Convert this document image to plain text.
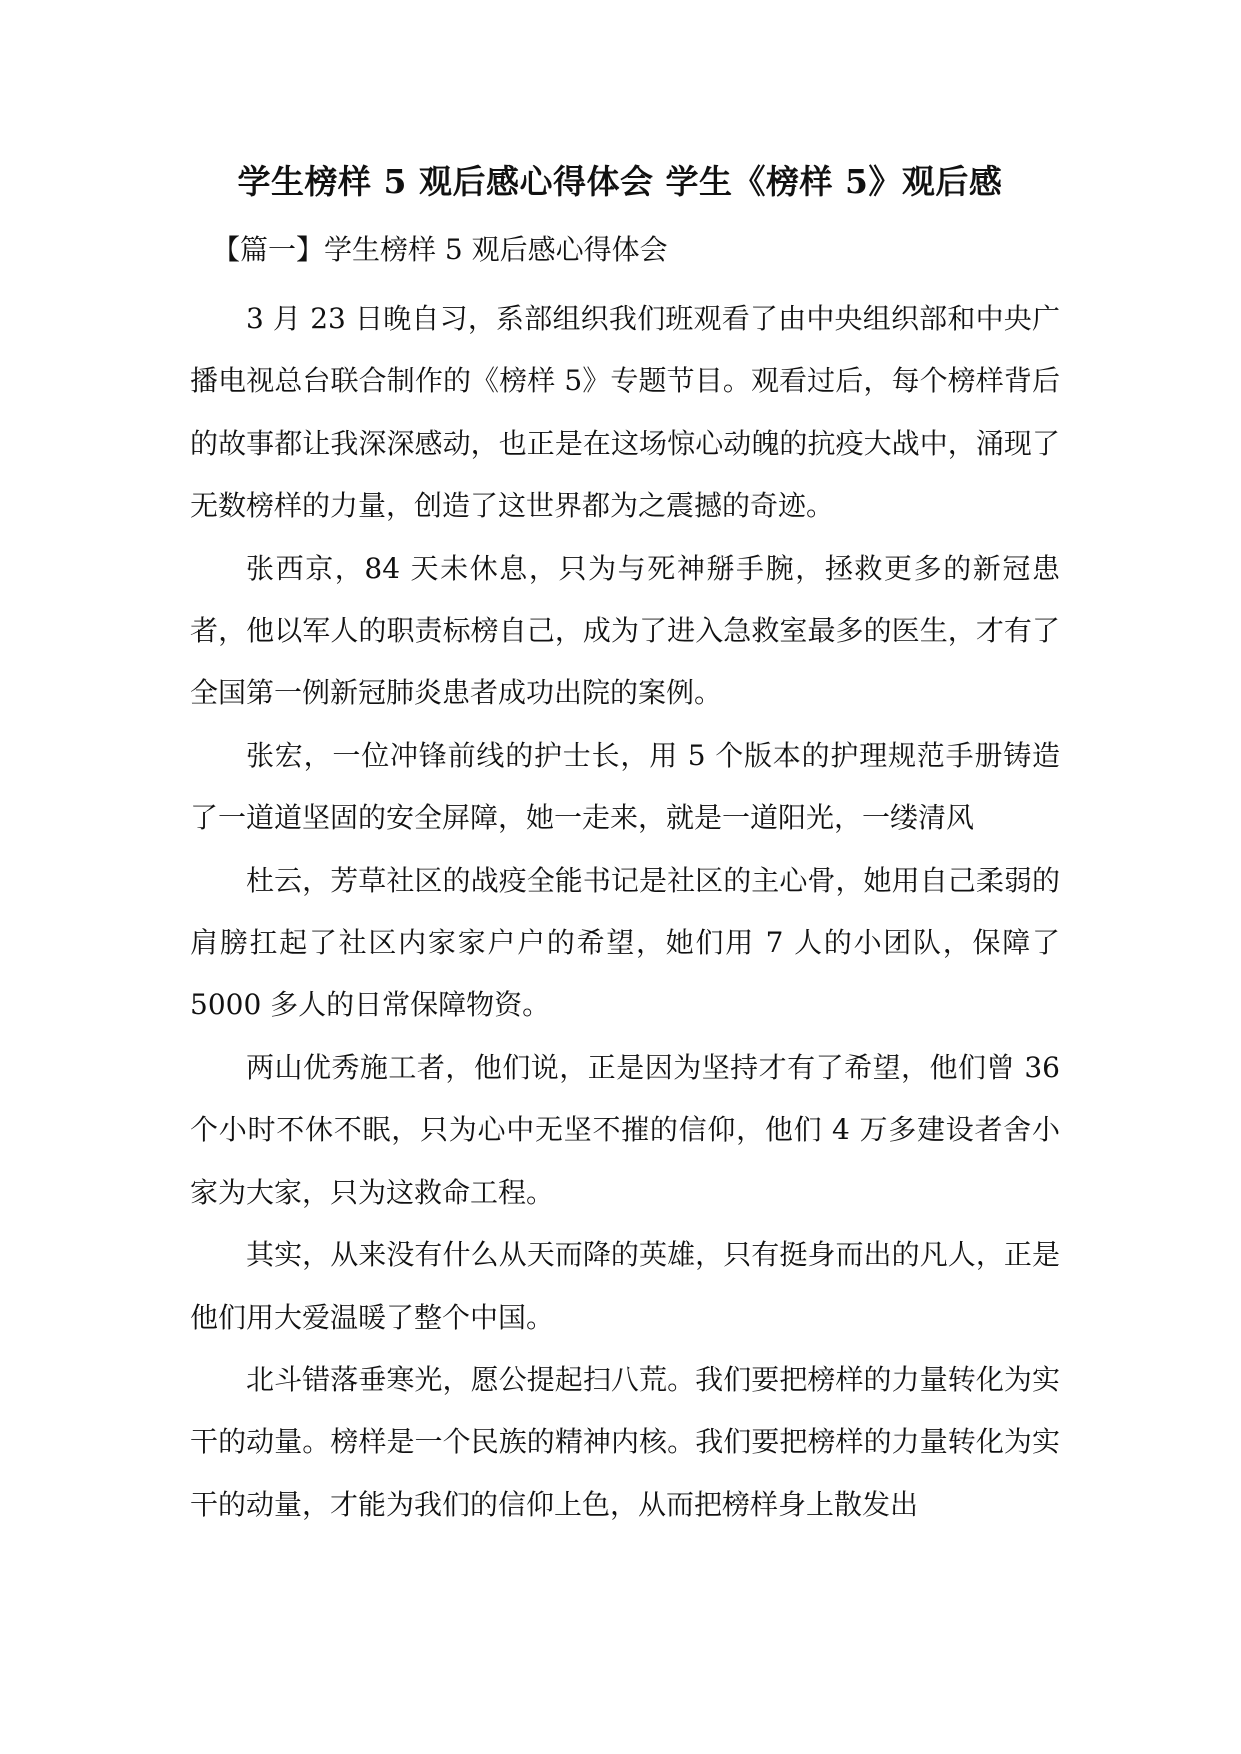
学生榜样 5 观后感心得体会 学生《榜样 5》观后感
【篇一】学生榜样 5 观后感心得体会

3 月 23 日晚自习，系部组织我们班观看了由中央组织部和中央广播电视总台联合制作的《榜样 5》专题节目。观看过后，每个榜样背后的故事都让我深深感动，也正是在这场惊心动魄的抗疫大战中，涌现了无数榜样的力量，创造了这世界都为之震撼的奇迹。

张西京，84 天未休息，只为与死神掰手腕，拯救更多的新冠患者，他以军人的职责标榜自己，成为了进入急救室最多的医生，才有了全国第一例新冠肺炎患者成功出院的案例。

张宏，一位冲锋前线的护士长，用 5 个版本的护理规范手册铸造了一道道坚固的安全屏障，她一走来，就是一道阳光，一缕清风

杜云，芳草社区的战疫全能书记是社区的主心骨，她用自己柔弱的肩膀扛起了社区内家家户户的希望，她们用 7 人的小团队，保障了 5000 多人的日常保障物资。

两山优秀施工者，他们说，正是因为坚持才有了希望，他们曾 36 个小时不休不眠，只为心中无坚不摧的信仰，他们 4 万多建设者舍小家为大家，只为这救命工程。

其实，从来没有什么从天而降的英雄，只有挺身而出的凡人，正是他们用大爱温暖了整个中国。

北斗错落垂寒光，愿公提起扫八荒。我们要把榜样的力量转化为实干的动量。榜样是一个民族的精神内核。我们要把榜样的力量转化为实干的动量，才能为我们的信仰上色，从而把榜样身上散发出
